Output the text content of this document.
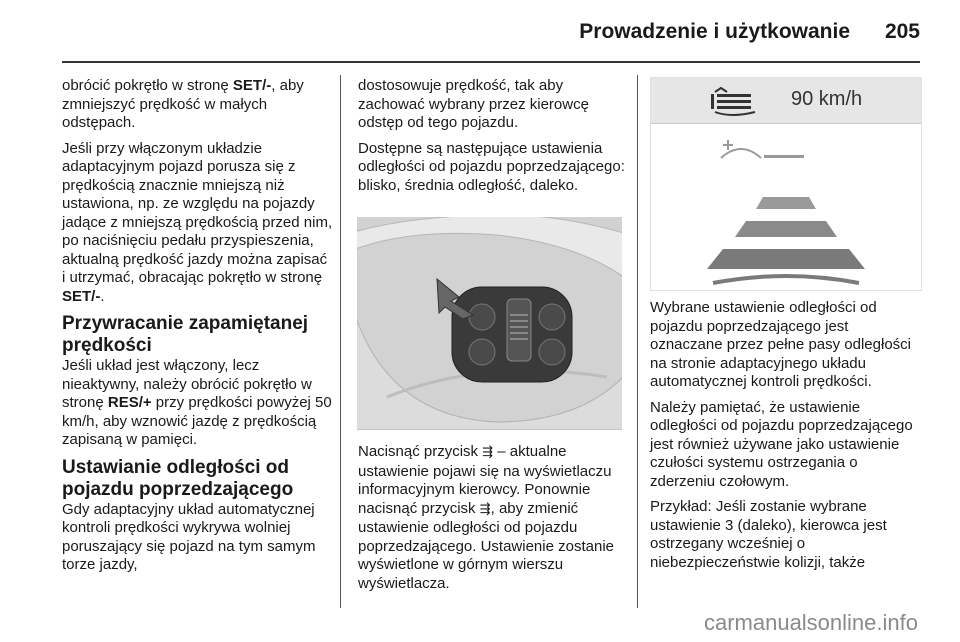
Prowadzenie i użytkowanie 205

obrócić pokrętło w stronę SET/-, aby zmniejszyć prędkość w małych odstępach.

Jeśli przy włączonym układzie adaptacyjnym pojazd porusza się z prędkością znacznie mniejszą niż ustawiona, np. ze względu na pojazdy jadące z mniejszą prędkością przed nim, po naciśnięciu pedału przyspieszenia, aktualną prędkość jazdy można zapisać i utrzymać, obracając pokrętło w stronę SET/-.

Przywracanie zapamiętanej prędkości

Jeśli układ jest włączony, lecz nieaktywny, należy obrócić pokrętło w stronę RES/+ przy prędkości powyżej 50 km/h, aby wznowić jazdę z prędkością zapisaną w pamięci.

Ustawianie odległości od pojazdu poprzedzającego

Gdy adaptacyjny układ automatycznej kontroli prędkości wykrywa wolniej poruszający się pojazd na tym samym torze jazdy,

dostosowuje prędkość, tak aby zachować wybrany przez kierowcę odstęp od tego pojazdu.

Dostępne są następujące ustawienia odległości od pojazdu poprzedzającego: blisko, średnia odległość, daleko.

Nacisnąć przycisk ⇶ – aktualne ustawienie pojawi się na wyświetlaczu informacyjnym kierowcy. Ponownie nacisnąć przycisk ⇶, aby zmienić ustawienie odległości od pojazdu poprzedzającego. Ustawienie zostanie wyświetlone w górnym wierszu wyświetlacza.

90 km/h

Wybrane ustawienie odległości od pojazdu poprzedzającego jest oznaczane przez pełne pasy odległości na stronie adaptacyjnego układu automatycznej kontroli prędkości.

Należy pamiętać, że ustawienie odległości od pojazdu poprzedzającego jest również używane jako ustawienie czułości systemu ostrzegania o zderzeniu czołowym.

Przykład: Jeśli zostanie wybrane ustawienie 3 (daleko), kierowca jest ostrzegany wcześniej o niebezpieczeństwie kolizji, także

carmanualsonline.info
